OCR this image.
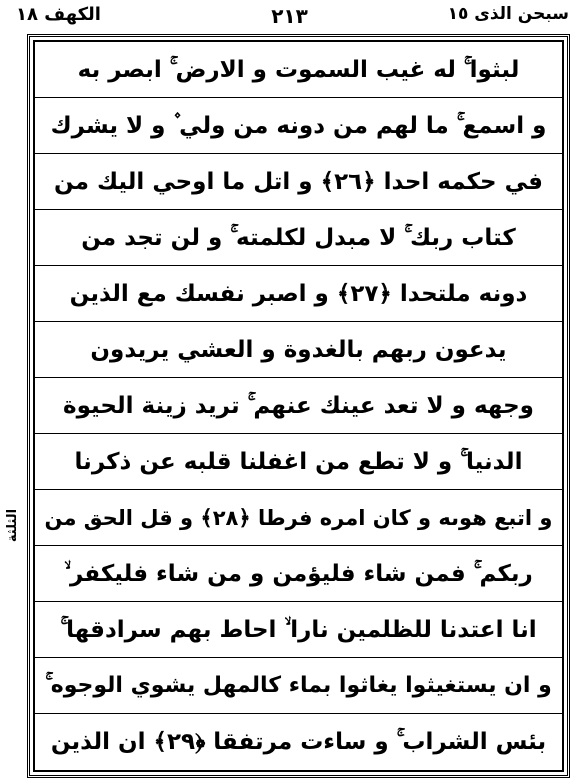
الكهف ١٨	٢١٣	سبحن الذى ١٥
الثلثة
لبثوا ۚ له غيب السموت و الارض ۚ ابصر به
و اسمع ۚ ما لهم من دونه من ولي ۫ و لا يشرك
في حكمه احدا ﴿٢٦﴾ و اتل ما اوحي اليك من
كتاب ربك ۚ لا مبدل لكلمته ۚ و لن تجد من
دونه ملتحدا ﴿٢٧﴾ و اصبر نفسك مع الذين
يدعون ربهم بالغدوة و العشي يريدون
وجهه و لا تعد عينك عنهم ۚ تريد زينة الحيوة
الدنيا ۚ و لا تطع من اغفلنا قلبه عن ذكرنا
و اتبع هوىه و كان امره فرطا ﴿٢٨﴾ و قل الحق من
ربكم ۚ فمن شاء فليؤمن و من شاء فليكفر ۙ
انا اعتدنا للظلمين نارا ۙ احاط بهم سرادقها ۚ
و ان يستغيثوا يغاثوا بماء كالمهل يشوي الوجوه ۚ
بئس الشراب ۚ و ساءت مرتفقا ﴿٢٩﴾ ان الذين
